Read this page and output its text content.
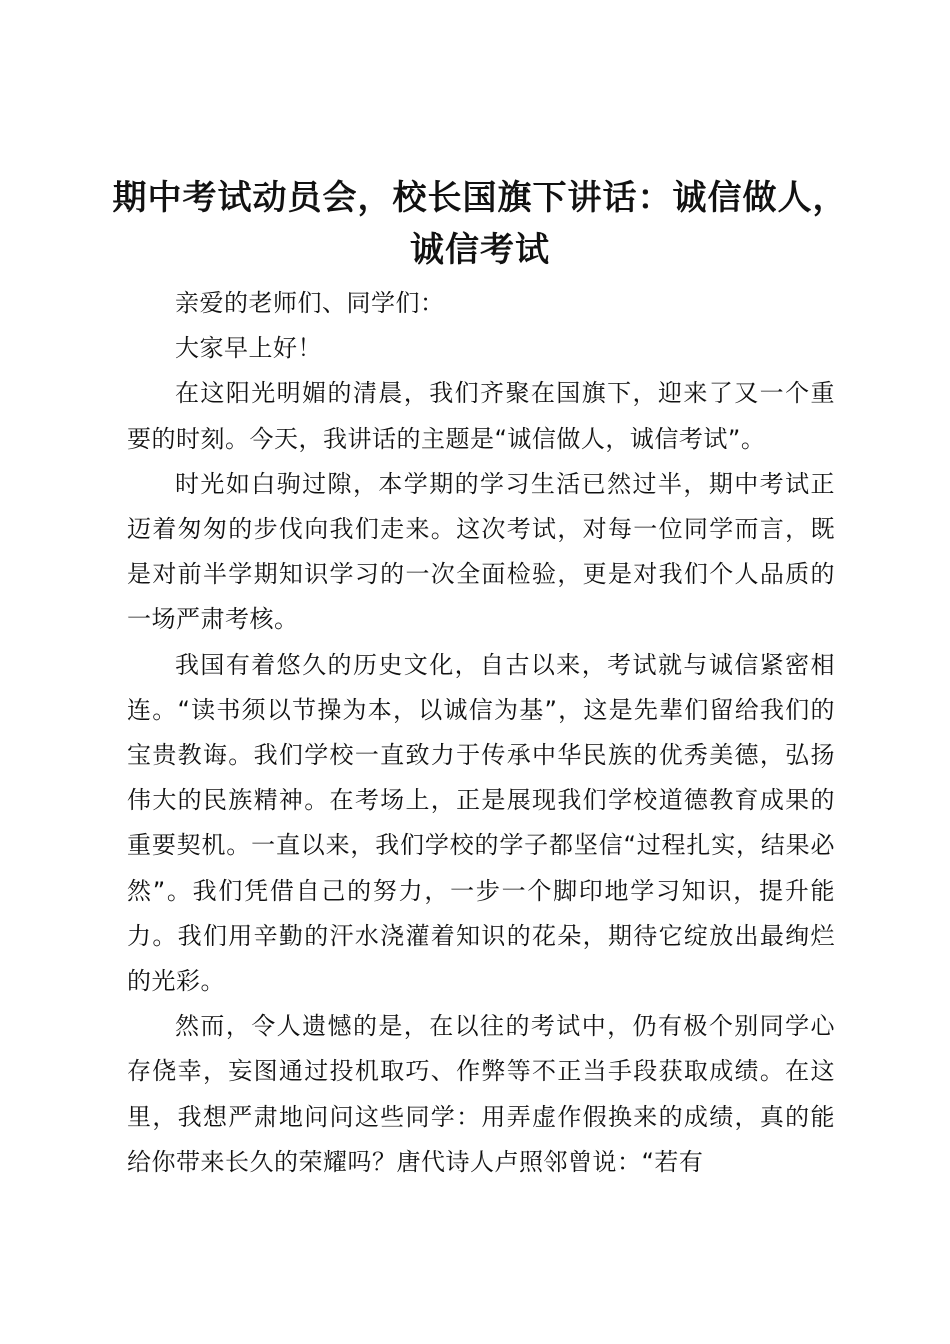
期中考试动员会，校长国旗下讲话：诚信做人，诚信考试

亲爱的老师们、同学们：

大家早上好！

在这阳光明媚的清晨，我们齐聚在国旗下，迎来了又一个重要的时刻。今天，我讲话的主题是“诚信做人，诚信考试”。

时光如白驹过隙，本学期的学习生活已然过半，期中考试正迈着匆匆的步伐向我们走来。这次考试，对每一位同学而言，既是对前半学期知识学习的一次全面检验，更是对我们个人品质的一场严肃考核。

我国有着悠久的历史文化，自古以来，考试就与诚信紧密相连。“读书须以节操为本，以诚信为基”，这是先辈们留给我们的宝贵教诲。我们学校一直致力于传承中华民族的优秀美德，弘扬伟大的民族精神。在考场上，正是展现我们学校道德教育成果的重要契机。一直以来，我们学校的学子都坚信“过程扎实，结果必然”。我们凭借自己的努力，一步一个脚印地学习知识，提升能力。我们用辛勤的汗水浇灌着知识的花朵，期待它绽放出最绚烂的光彩。

然而，令人遗憾的是，在以往的考试中，仍有极个别同学心存侥幸，妄图通过投机取巧、作弊等不正当手段获取成绩。在这里，我想严肃地问问这些同学：用弄虚作假换来的成绩，真的能给你带来长久的荣耀吗？唐代诗人卢照邻曾说：“若有
